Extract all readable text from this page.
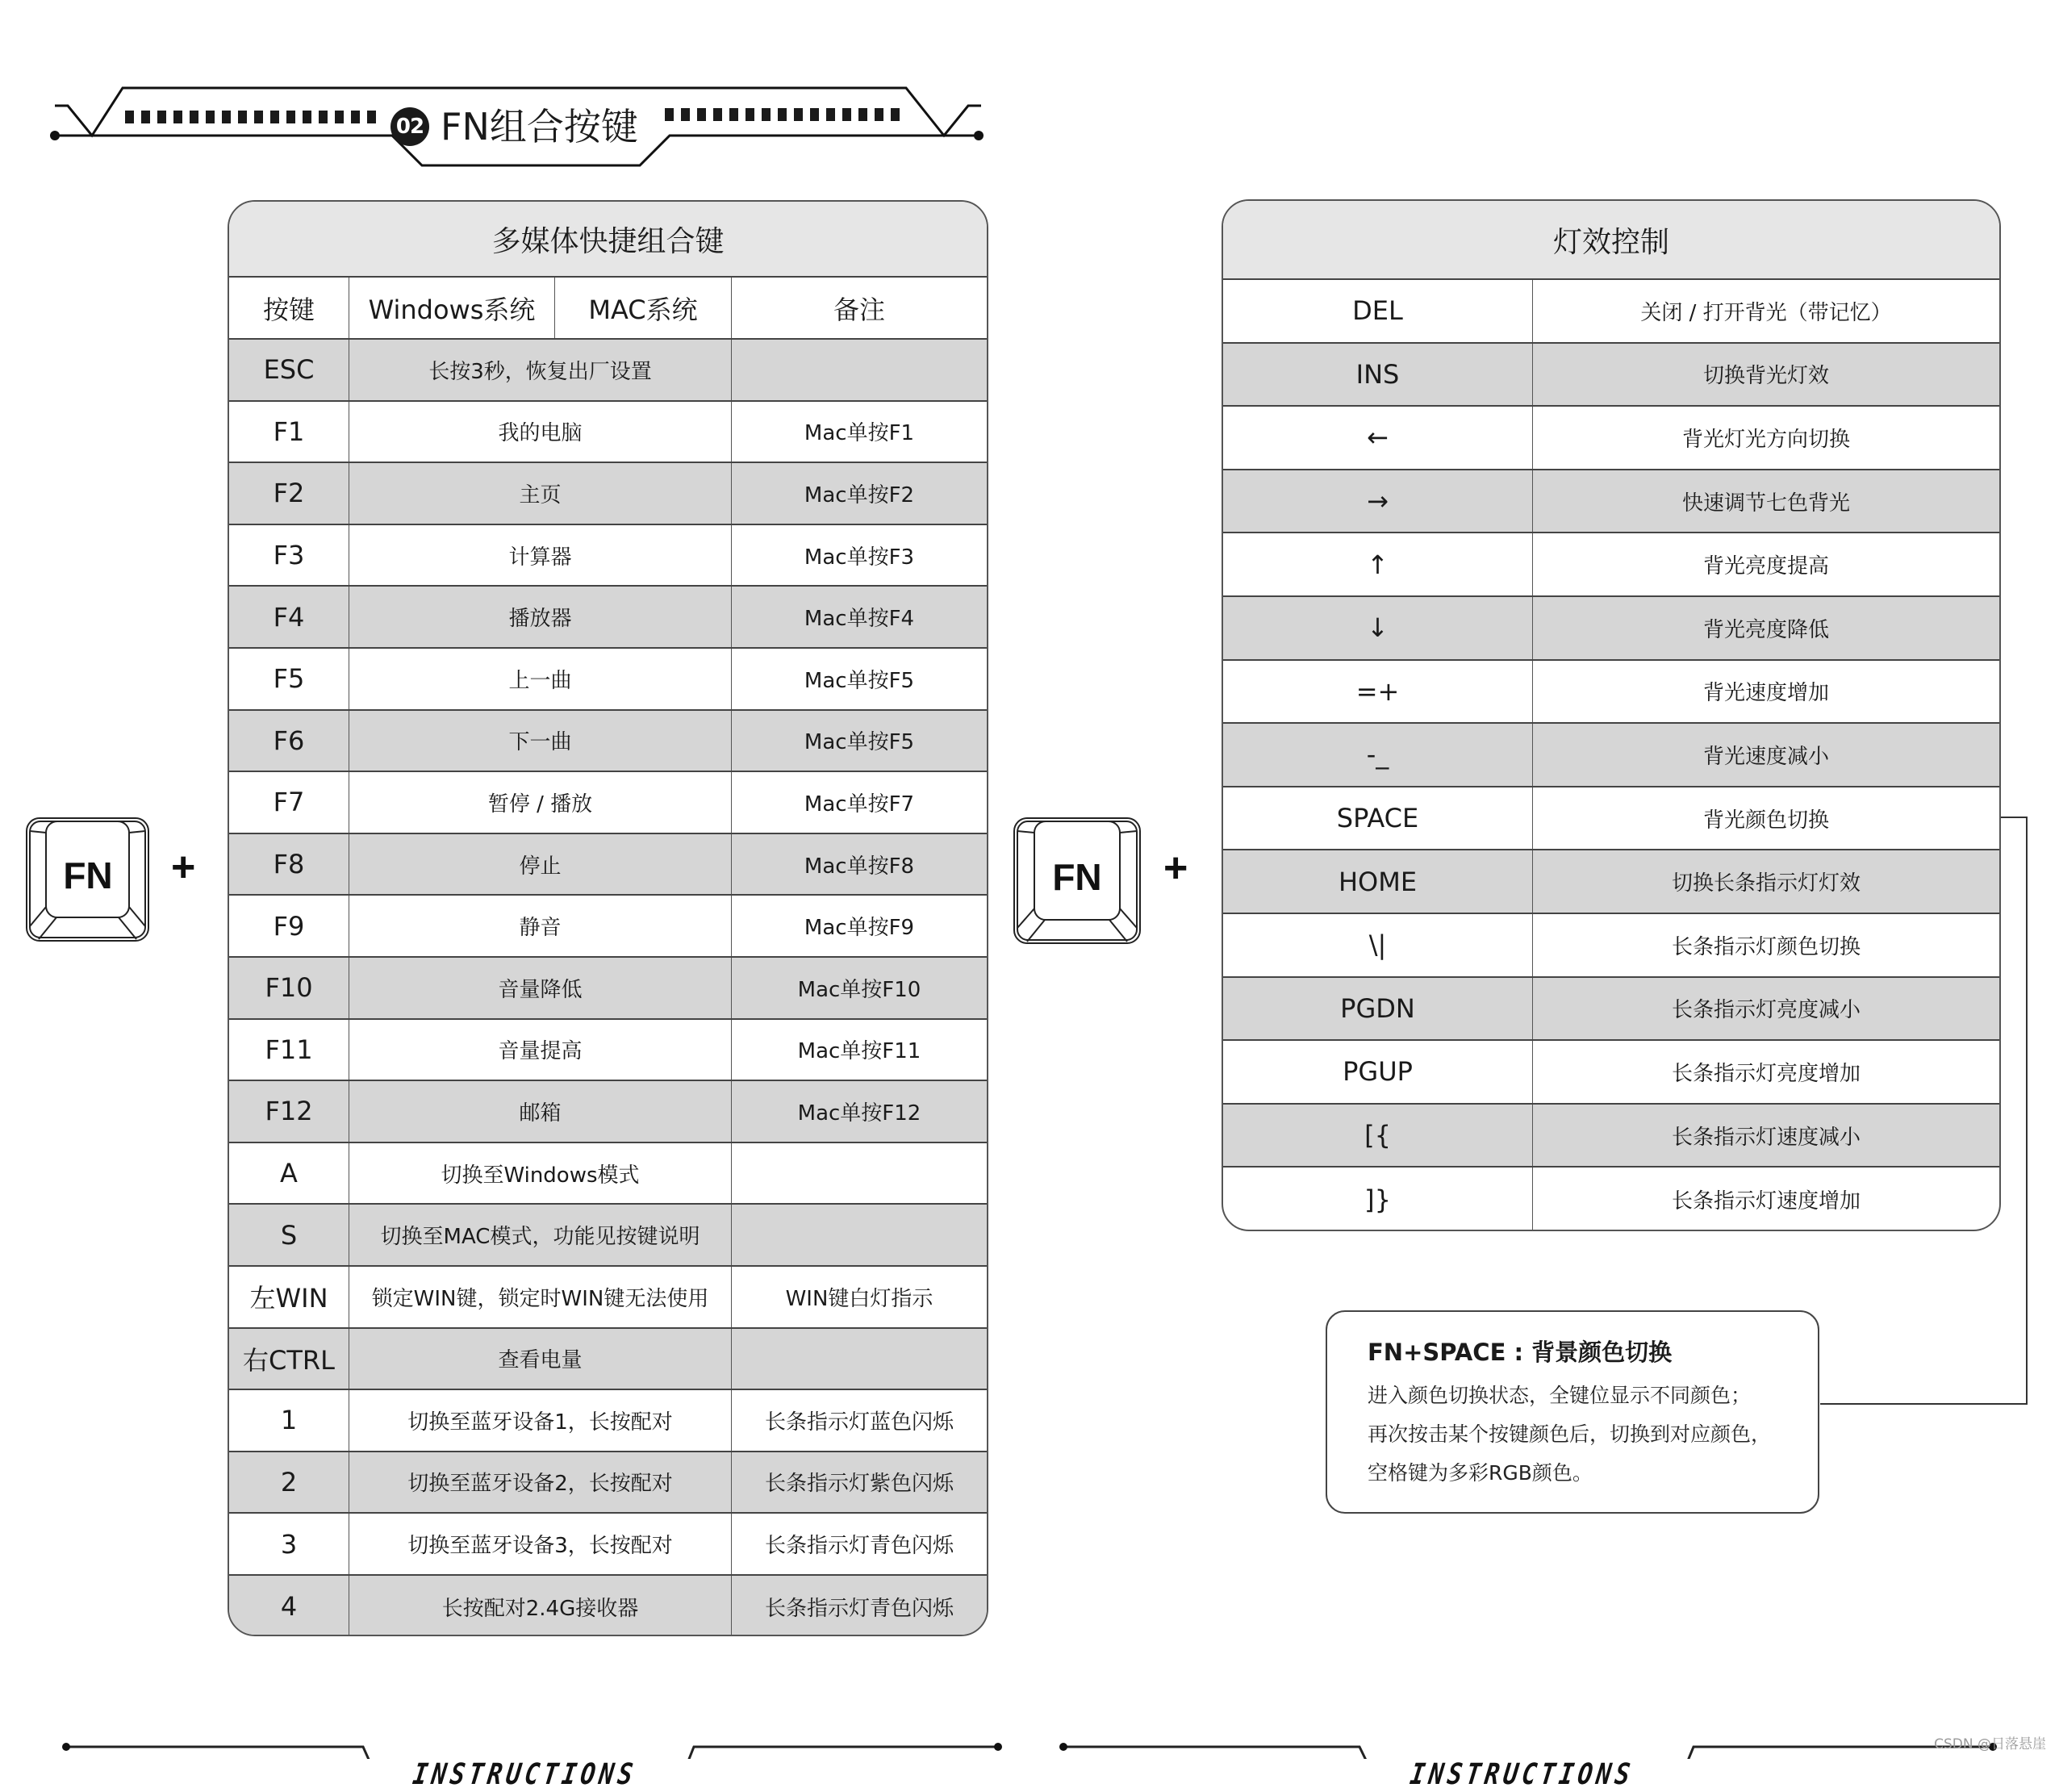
02 FN组合按键
FN	+	FN	+
多媒体快捷组合键
按键	Windows系统	MAC系统	备注
ESC	长按3秒，恢复出厂设置
F1	我的电脑	Mac单按F1
F2	主页	Mac单按F2
F3	计算器	Mac单按F3
F4	播放器	Mac单按F4
F5	上一曲	Mac单按F5
F6	下一曲	Mac单按F5
F7	暂停 / 播放	Mac单按F7
F8	停止	Mac单按F8
F9	静音	Mac单按F9
F10	音量降低	Mac单按F10
F11	音量提高	Mac单按F11
F12	邮箱	Mac单按F12
A	切换至Windows模式
S	切换至MAC模式，功能见按键说明
左WIN	锁定WIN键，锁定时WIN键无法使用	WIN键白灯指示
右CTRL	查看电量
1	切换至蓝牙设备1，长按配对	长条指示灯蓝色闪烁
2	切换至蓝牙设备2，长按配对	长条指示灯紫色闪烁
3	切换至蓝牙设备3，长按配对	长条指示灯青色闪烁
4	长按配对2.4G接收器	长条指示灯青色闪烁
灯效控制
DEL	关闭 / 打开背光（带记忆）
INS	切换背光灯效
←	背光灯光方向切换
→	快速调节七色背光
↑	背光亮度提高
↓	背光亮度降低
=+	背光速度增加
-_	背光速度减小
SPACE	背光颜色切换
HOME	切换长条指示灯灯效
\|	长条指示灯颜色切换
PGDN	长条指示灯亮度减小
PGUP	长条指示灯亮度增加
[{	长条指示灯速度减小
]}	长条指示灯速度增加
FN+SPACE : 背景颜色切换
进入颜色切换状态，全键位显示不同颜色；
再次按击某个按键颜色后，切换到对应颜色，
空格键为多彩RGB颜色。
INSTRUCTIONS	INSTRUCTIONS
CSDN @日落悬崖
